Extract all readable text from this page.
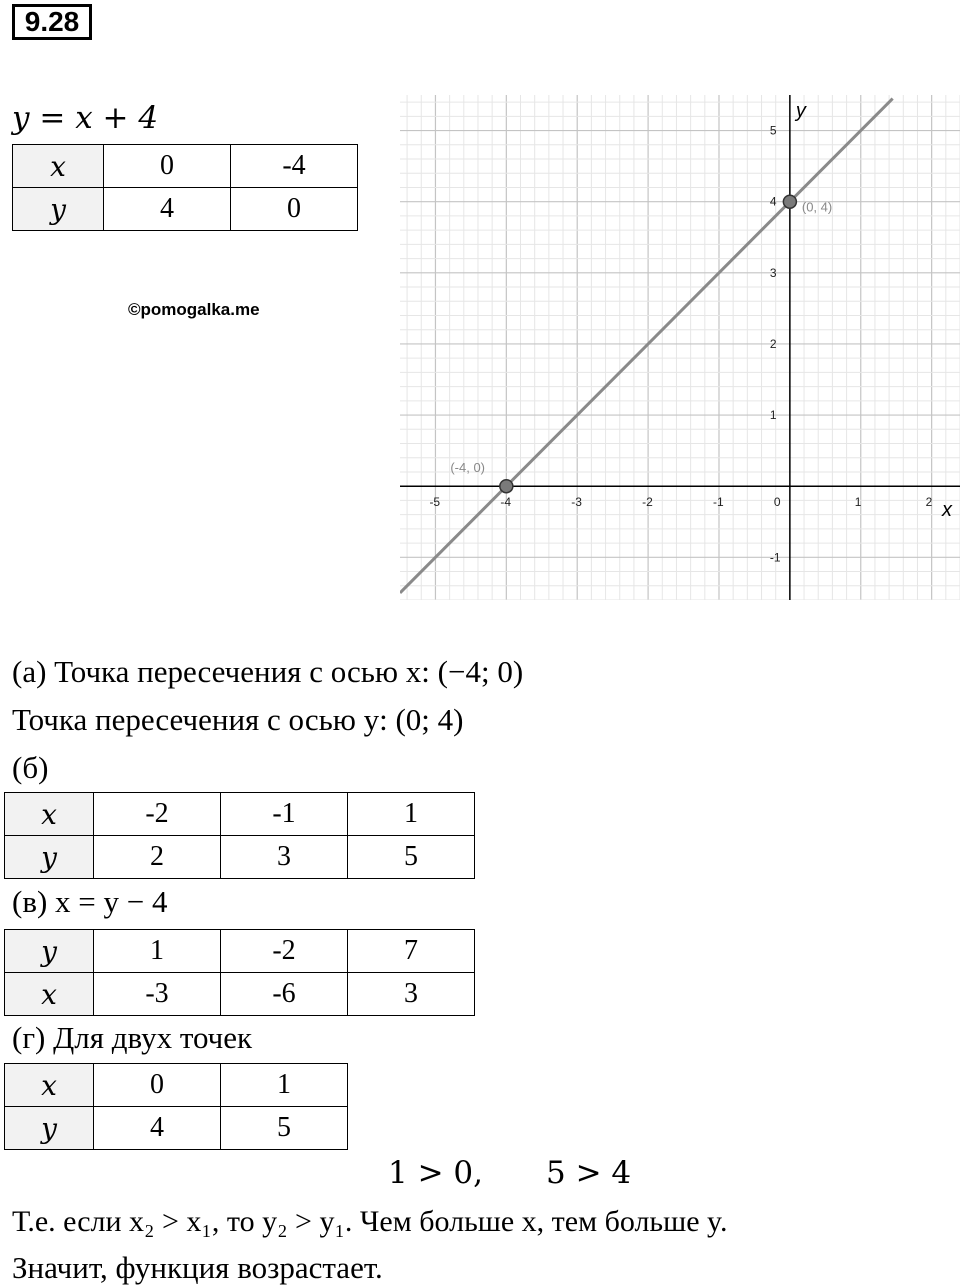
9.28
y = x + 4
x	0	-4
y	4	0
©pomogalka.me
x
y
-5	-4	-3	-2	-1	0	1	2
-1
1
2
3
4
5
(0, 4)
(-4, 0)
(а) Точка пересечения с осью x: (−4; 0)
Точка пересечения с осью y: (0; 4)
(б)
x	-2	-1	1
y	2	3	5
(в) x = y − 4
y	1	-2	7
x	-3	-6	3
(г) Для двух точек
x	0	1
y	4	5
1 > 0, 5 > 4
Т.е. если x₂ > x₁, то y₂ > y₁. Чем больше x, тем больше y.
Значит, функция возрастает.
